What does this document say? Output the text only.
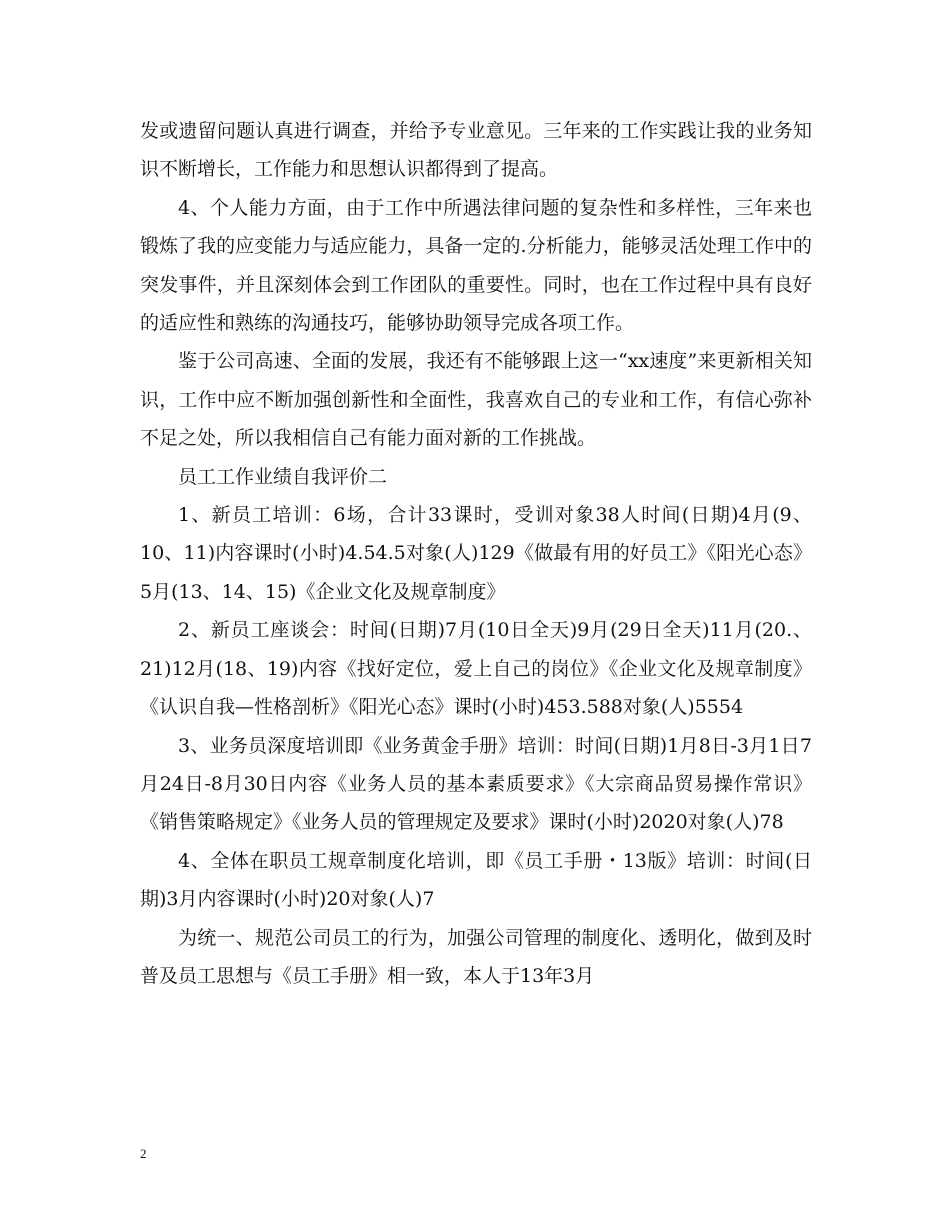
发或遗留问题认真进行调查，并给予专业意见。三年来的工作实践让我的业务知识不断增长，工作能力和思想认识都得到了提高。

4、个人能力方面，由于工作中所遇法律问题的复杂性和多样性，三年来也锻炼了我的应变能力与适应能力，具备一定的.分析能力，能够灵活处理工作中的突发事件，并且深刻体会到工作团队的重要性。同时，也在工作过程中具有良好的适应性和熟练的沟通技巧，能够协助领导完成各项工作。

鉴于公司高速、全面的发展，我还有不能够跟上这一“xx速度”来更新相关知识，工作中应不断加强创新性和全面性，我喜欢自己的专业和工作，有信心弥补不足之处，所以我相信自己有能力面对新的工作挑战。

员工工作业绩自我评价二

1、新员工培训：6场，合计33课时，受训对象38人时间(日期)4月(9、10、11)内容课时(小时)4.54.5对象(人)129《做最有用的好员工》《阳光心态》5月(13、14、15)《企业文化及规章制度》

2、新员工座谈会：时间(日期)7月(10日全天)9月(29日全天)11月(20.、21)12月(18、19)内容《找好定位，爱上自己的岗位》《企业文化及规章制度》《认识自我—性格剖析》《阳光心态》课时(小时)453.588对象(人)5554

3、业务员深度培训即《业务黄金手册》培训：时间(日期)1月8日-3月1日7月24日-8月30日内容《业务人员的基本素质要求》《大宗商品贸易操作常识》《销售策略规定》《业务人员的管理规定及要求》课时(小时)2020对象(人)78

4、全体在职员工规章制度化培训，即《员工手册・13版》培训：时间(日期)3月内容课时(小时)20对象(人)7

为统一、规范公司员工的行为，加强公司管理的制度化、透明化，做到及时普及员工思想与《员工手册》相一致，本人于13年3月

2
